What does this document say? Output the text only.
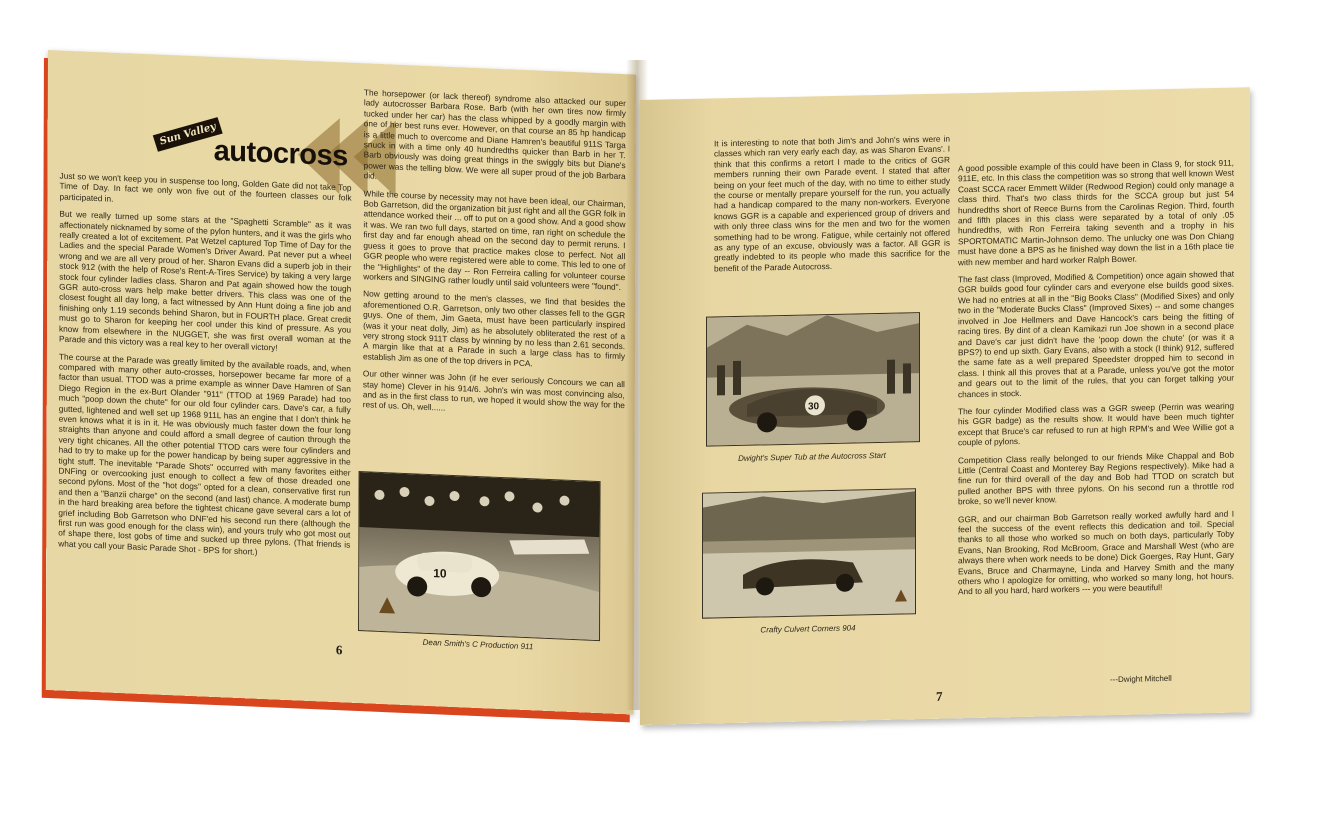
Sun Valley
autocross

Just so we won't keep you in suspense too long, Golden Gate did not take Top Time of Day. In fact we only won five out of the fourteen classes our folk participated in.

But we really turned up some stars at the "Spaghetti Scramble" as it was affectionately nicknamed by some of the pylon hunters, and it was the girls who really created a lot of excitement. Pat Wetzel captured Top Time of Day for the Ladies and the special Parade Women's Driver Award. Pat never put a wheel wrong and we are all very proud of her. Sharon Evans did a superb job in their stock 912 (with the help of Rose's Rent-A-Tires Service) by taking a very large stock four cylinder ladies class. Sharon and Pat again showed how the tough GGR auto-cross wars help make better drivers. This class was one of the closest fought all day long, a fact witnessed by Ann Hunt doing a fine job and finishing only 1.19 seconds behind Sharon, but in FOURTH place. Great credit must go to Sharon for keeping her cool under this kind of pressure. As you know from elsewhere in the NUGGET, she was first overall woman at the Parade and this victory was a real key to her overall victory!

The course at the Parade was greatly limited by the available roads, and, when compared with many other auto-crosses, horsepower became far more of a factor than usual. TTOD was a prime example as winner Dave Hamren of San Diego Region in the ex-Burt Olander "911" (TTOD at 1969 Parade) had too much "poop down the chute" for our old four cylinder cars. Dave's car, a fully gutted, lightened and well set up 1968 911L has an engine that I don't think he even knows what it is in it. He was obviously much faster down the four long straights than anyone and could afford a small degree of caution through the very tight chicanes. All the other potential TTOD cars were four cylinders and had to try to make up for the power handicap by being super aggressive in the tight stuff. The inevitable "Parade Shots" occurred with many favorites either DNFing or overcooking just enough to collect a few of those dreaded one second pylons. Most of the "hot dogs" opted for a clean, conservative first run and then a "Banzii charge" on the second (and last) chance. A moderate bump in the hard breaking area before the tightest chicane gave several cars a lot of grief including Bob Garretson who DNF'ed his second run there (although the first run was good enough for the class win), and yours truly who got most out of shape there, lost gobs of time and sucked up three pylons. (That friends is what you call your Basic Parade Shot - BPS for short.)

The horsepower (or lack thereof) syndrome also attacked our super lady autocrosser Barbara Rose. Barb (with her own tires now firmly tucked under her car) has the class whipped by a goodly margin with one of her best runs ever. However, on that course an 85 hp handicap is a little much to overcome and Diane Hamren's beautiful 911S Targa snuck in with a time only 40 hundredths quicker than Barb in her T. Barb obviously was doing great things in the swiggly bits but Diane's power was the telling blow. We were all super proud of the job Barbara did.

While the course by necessity may not have been ideal, our Chairman, Bob Garretson, did the organization bit just right and all the GGR folk in attendance worked their ... off to put on a good show. And a good show it was. We ran two full days, started on time, ran right on schedule the first day and far enough ahead on the second day to permit reruns. I guess it goes to prove that practice makes close to perfect. Not all GGR people who were registered were able to come. This led to one of the "Highlights" of the day -- Ron Ferreira calling for volunteer course workers and SINGING rather loudly until said volunteers were "found".

Now getting around to the men's classes, we find that besides the aforementioned O.R. Garretson, only two other classes fell to the GGR guys. One of them, Jim Gaeta, must have been particularly inspired (was it your neat dolly, Jim) as he absolutely obliterated the rest of a very strong stock 911T class by winning by no less than 2.61 seconds. A margin like that at a Parade in such a large class has to firmly establish Jim as one of the top drivers in PCA.

Our other winner was John (if he ever seriously Concours we can all stay home) Clever in his 914/6. John's win was most convincing also, and as in the first class to run, we hoped it would show the way for the rest of us. Oh, well......

10
Dean Smith's C Production 911
6

It is interesting to note that both Jim's and John's wins were in classes which ran very early each day, as was Sharon Evans'. I think that this confirms a retort I made to the critics of GGR members running their own Parade event. I stated that after being on your feet much of the day, with no time to either study the course or mentally prepare yourself for the run, you actually had a handicap compared to the many non-workers. Everyone knows GGR is a capable and experienced group of drivers and with only three class wins for the men and two for the women something had to be wrong. Fatigue, while certainly not offered as any type of an excuse, obviously was a factor. All GGR is greatly indebted to its people who made this sacrifice for the benefit of the Parade Autocross.

30
Dwight's Super Tub at the Autocross Start
Crafty Culvert Corners 904

A good possible example of this could have been in Class 9, for stock 911, 911E, etc. In this class the competition was so strong that well known West Coast SCCA racer Emmett Wilder (Redwood Region) could only manage a class third. That's two class thirds for the SCCA group but just 54 hundredths short of Reece Burns from the Carolinas Region. Third, fourth and fifth places in this class were separated by a total of only .05 hundredths, with Ron Ferreira taking seventh and a trophy in his SPORTOMATIC Martin-Johnson demo. The unlucky one was Don Chiang must have done a BPS as he finished way down the list in a 16th place tie with new member and hard worker Ralph Bower.

The fast class (Improved, Modified & Competition) once again showed that GGR builds good four cylinder cars and everyone else builds good sixes. We had no entries at all in the "Big Books Class" (Modified Sixes) and only two in the "Moderate Bucks Class" (Improved Sixes) -- and some changes involved in Joe Hellmers and Dave Hancock's cars being the fitting of racing tires. By dint of a clean Kamikazi run Joe shown in a second place and Dave's car just didn't have the 'poop down the chute' (or was it a BPS?) to end up sixth. Gary Evans, also with a stock (I think) 912, suffered the same fate as a well prepared Speedster dropped him to second in class. I think all this proves that at a Parade, unless you've got the motor and gears out to the limit of the rules, that you can forget talking your chances in stock.

The four cylinder Modified class was a GGR sweep (Perrin was wearing his GGR badge) as the results show. It would have been much tighter except that Bruce's car refused to run at high RPM's and Wee Willie got a couple of pylons.

Competition Class really belonged to our friends Mike Chappal and Bob Little (Central Coast and Monterey Bay Regions respectively). Mike had a fine run for third overall of the day and Bob had TTOD on scratch but pulled another BPS with three pylons. On his second run a throttle rod broke, so we'll never know.

GGR, and our chairman Bob Garretson really worked awfully hard and I feel the success of the event reflects this dedication and toil. Special thanks to all those who worked so much on both days, particularly Toby Evans, Nan Brooking, Rod McBroom, Grace and Marshall West (who are always there when work needs to be done) Dick Goerges, Ray Hunt, Gary Evans, Bruce and Charmayne, Linda and Harvey Smith and the many others who I apologize for omitting, who worked so many long, hot hours. And to all you hard, hard workers --- you were beautiful!

---Dwight Mitchell
7
